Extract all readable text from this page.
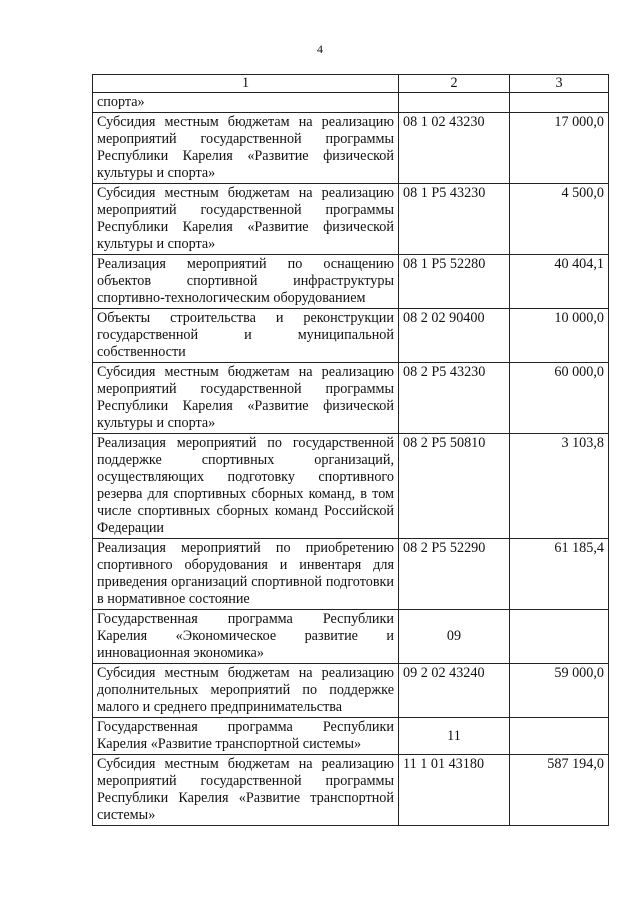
4
1	2	3
спорта»		
Субсидия местным бюджетам на реализацию мероприятий государственной программы Республики Карелия «Развитие физической культуры и спорта»	08 1 02 43230	17 000,0
Субсидия местным бюджетам на реализацию мероприятий государственной программы Республики Карелия «Развитие физической культуры и спорта»	08 1 P5 43230	4 500,0
Реализация мероприятий по оснащению объектов спортивной инфраструктуры спортивно-технологическим оборудованием	08 1 P5 52280	40 404,1
Объекты строительства и реконструкции государственной и муниципальной собственности	08 2 02 90400	10 000,0
Субсидия местным бюджетам на реализацию мероприятий государственной программы Республики Карелия «Развитие физической культуры и спорта»	08 2 P5 43230	60 000,0
Реализация мероприятий по государственной поддержке спортивных организаций, осуществляющих подготовку спортивного резерва для спортивных сборных команд, в том числе спортивных сборных команд Российской Федерации	08 2 P5 50810	3 103,8
Реализация мероприятий по приобретению спортивного оборудования и инвентаря для приведения организаций спортивной подготовки в нормативное состояние	08 2 P5 52290	61 185,4
Государственная программа Республики Карелия «Экономическое развитие и инновационная экономика»	09	
Субсидия местным бюджетам на реализацию дополнительных мероприятий по поддержке малого и среднего предпринимательства	09 2 02 43240	59 000,0
Государственная программа Республики Карелия «Развитие транспортной системы»	11	
Субсидия местным бюджетам на реализацию мероприятий государственной программы Республики Карелия «Развитие транспортной системы»	11 1 01 43180	587 194,0
